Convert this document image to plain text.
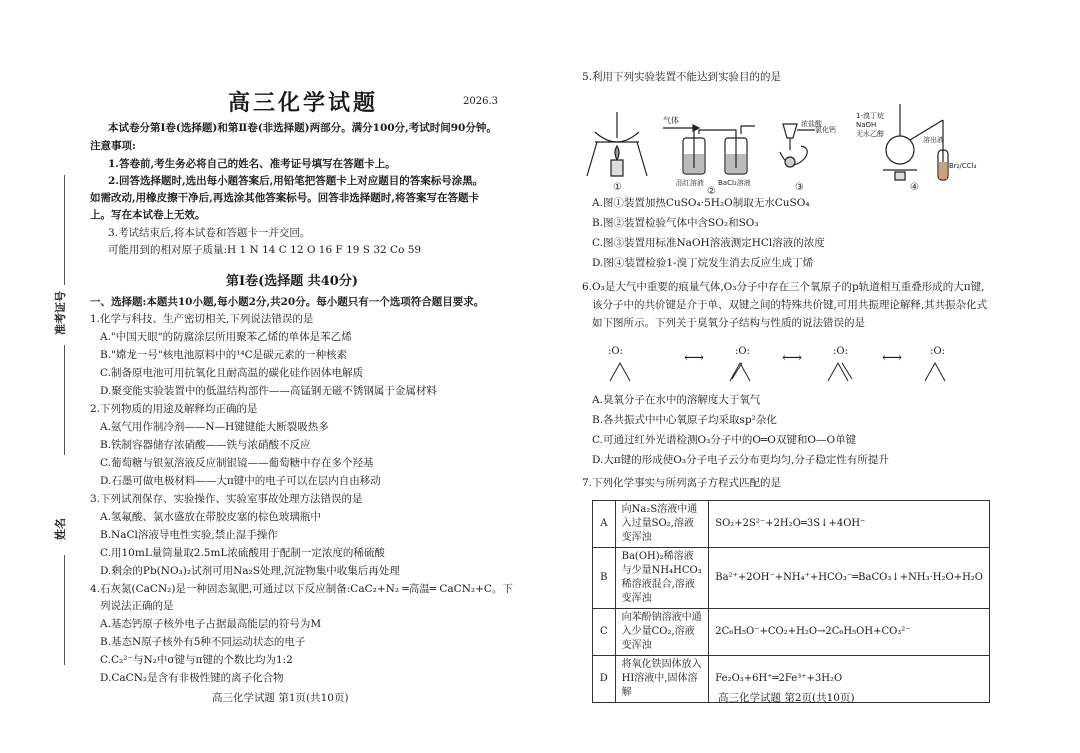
准考证号
姓名
高三化学试题	2026.3
本试卷分第Ⅰ卷(选择题)和第Ⅱ卷(非选择题)两部分。满分100分,考试时间90分钟。
注意事项:
1.答卷前,考生务必将自己的姓名、准考证号填写在答题卡上。
2.回答选择题时,选出每小题答案后,用铅笔把答题卡上对应题目的答案标号涂黑。
如需改动,用橡皮擦干净后,再选涂其他答案标号。回答非选择题时,将答案写在答题卡
上。写在本试卷上无效。
3.考试结束后,将本试卷和答题卡一并交回。
可能用到的相对原子质量:H 1 N 14 C 12 O 16 F 19 S 32 Co 59
第Ⅰ卷(选择题 共40分)
一、选择题:本题共10小题,每小题2分,共20分。每小题只有一个选项符合题目要求。
1.化学与科技、生产密切相关,下列说法错误的是
A."中国天眼"的防腐涂层所用聚苯乙烯的单体是苯乙烯
B."嫦龙一号"核电池原料中的¹⁴C是碳元素的一种核素
C.制备原电池可用抗氧化且耐高温的碳化硅作固体电解质
D.聚变能实验装置中的低温结构部件——高锰钢无磁不锈钢属于金属材料
2.下列物质的用途及解释均正确的是
A.氨气用作制冷剂——N—H键键能大断裂吸热多
B.铁制容器储存浓硝酸——铁与浓硝酸不反应
C.葡萄糖与银氨溶液反应制银镜——葡萄糖中存在多个羟基
D.石墨可做电极材料——大π键中的电子可以在层内自由移动
3.下列试剂保存、实验操作、实验室事故处理方法错误的是
A.氢氟酸、氯水盛放在带胶皮塞的棕色玻璃瓶中
B.NaCl溶液导电性实验,禁止湿手操作
C.用10mL量筒量取2.5mL浓硫酸用于配制一定浓度的稀硫酸
D.剩余的Pb(NO₃)₂试剂可用Na₂S处理,沉淀物集中收集后再处理
4.石灰氮(CaCN₂)是一种固态氮肥,可通过以下反应制备:CaC₂+N₂ ═高温═ CaCN₂+C。下
列说法正确的是
A.基态钙原子核外电子占据最高能层的符号为M
B.基态N原子核外有5种不同运动状态的电子
C.C₂²⁻与N₂中σ键与π键的个数比均为1:2
D.CaCN₂是含有非极性键的离子化合物
高三化学试题 第1页(共10页)
5.利用下列实验装置不能达到实验目的的是
气体
品红溶液 BaCl₂溶液
浓盐酸
氯化钙
1-溴丁烷
NaOH
无水乙醇
溶出液
Br₂/CCl₄
①	②	③	④
A.图①装置加热CuSO₄·5H₂O制取无水CuSO₄
B.图②装置检验气体中含SO₂和SO₃
C.图③装置用标准NaOH溶液测定HCl溶液的浓度
D.图④装置检验1-溴丁烷发生消去反应生成丁烯
6.O₃是大气中重要的痕量气体,O₃分子中存在三个氧原子的p轨道相互重叠形成的大π键,
该分子中的共价键是介于单、双键之间的特殊共价键,可用共振理论解释,其共振杂化式
如下图所示。下列关于臭氧分子结构与性质的说法错误的是
:O:	⟷	:O: ⟷	:O: ⟷	:O:
A.臭氧分子在水中的溶解度大于氧气
B.各共振式中中心氧原子均采取sp²杂化
C.可通过红外光谱检测O₃分子中的O═O双键和O—O单键
D.大π键的形成使O₃分子电子云分布更均匀,分子稳定性有所提升
7.下列化学事实与所列离子方程式匹配的是
A	向Na₂S溶液中通入过量SO₂,溶液变浑浊	SO₂+2S²⁻+2H₂O═3S↓+4OH⁻
B	Ba(OH)₂稀溶液与少量NH₄HCO₃稀溶液混合,溶液变浑浊	Ba²⁺+2OH⁻+NH₄⁺+HCO₃⁻═BaCO₃↓+NH₃·H₂O+H₂O
C	向苯酚钠溶液中通入少量CO₂,溶液变浑浊	2C₆H₅O⁻+CO₂+H₂O→2C₆H₅OH+CO₃²⁻
D	将氧化铁固体放入HI溶液中,固体溶解	Fe₂O₃+6H⁺═2Fe³⁺+3H₂O
高三化学试题 第2页(共10页)
